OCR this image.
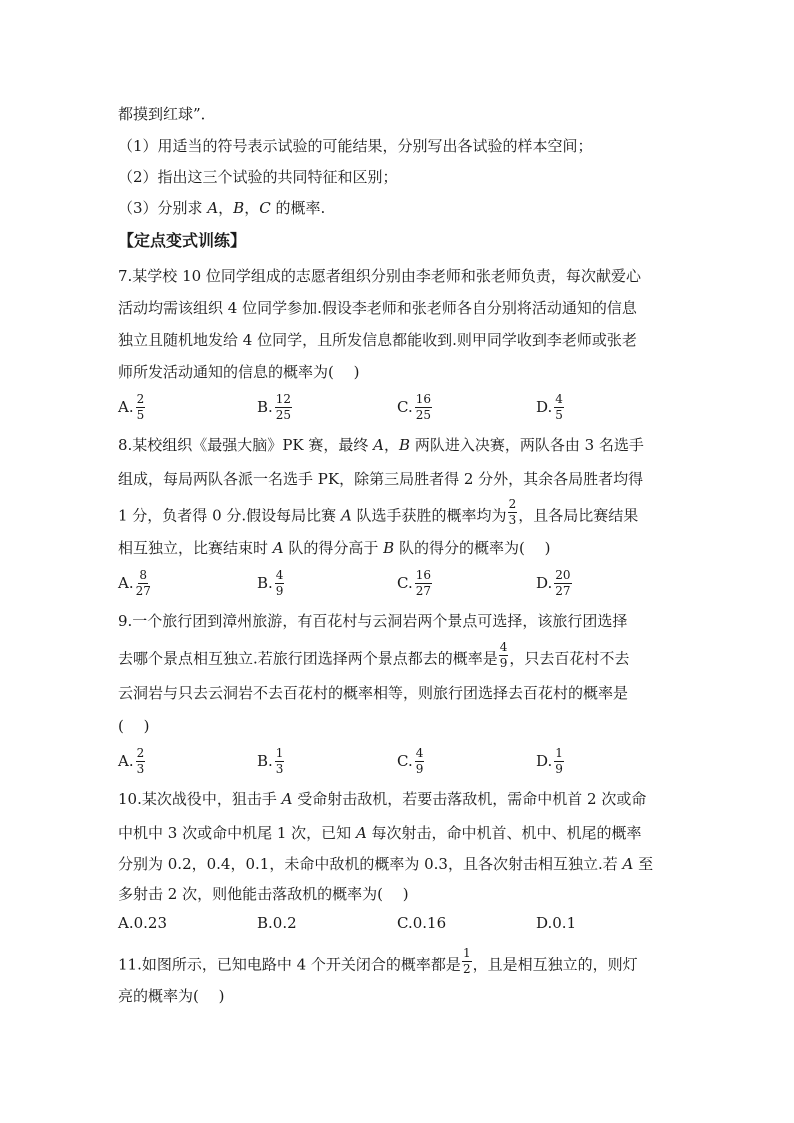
都摸到红球”．
（1）用适当的符号表示试验的可能结果，分别写出各试验的样本空间；
（2）指出这三个试验的共同特征和区别；
（3）分别求 A，B，C 的概率.
【定点变式训练】
7.某学校 10 位同学组成的志愿者组织分别由李老师和张老师负责，每次献爱心
活动均需该组织 4 位同学参加.假设李老师和张老师各自分别将活动通知的信息
独立且随机地发给 4 位同学，且所发信息都能收到.则甲同学收到李老师或张老
师所发活动通知的信息的概率为(　 )
A. $\frac{2}{5}$	B. $\frac{12}{25}$	C. $\frac{16}{25}$	D. $\frac{4}{5}$
8.某校组织《最强大脑》PK 赛，最终 A，B 两队进入决赛，两队各由 3 名选手
组成，每局两队各派一名选手 PK，除第三局胜者得 2 分外，其余各局胜者均得
1 分，负者得 0 分.假设每局比赛 A 队选手获胜的概率均为 $\frac{2}{3}$ ，且各局比赛结果
相互独立，比赛结束时 A 队的得分高于 B 队的得分的概率为(　 )
A. $\frac{8}{27}$	B. $\frac{4}{9}$	C. $\frac{16}{27}$	D. $\frac{20}{27}$
9.一个旅行团到漳州旅游，有百花村与云洞岩两个景点可选择，该旅行团选择
去哪个景点相互独立.若旅行团选择两个景点都去的概率是 $\frac{4}{9}$ ，只去百花村不去
云洞岩与只去云洞岩不去百花村的概率相等，则旅行团选择去百花村的概率是
(　 )
A. $\frac{2}{3}$	B. $\frac{1}{3}$	C. $\frac{4}{9}$	D. $\frac{1}{9}$
10.某次战役中，狙击手 A 受命射击敌机，若要击落敌机，需命中机首 2 次或命
中机中 3 次或命中机尾 1 次，已知 A 每次射击，命中机首、机中、机尾的概率
分别为 0.2，0.4，0.1，未命中敌机的概率为 0.3，且各次射击相互独立.若 A 至
多射击 2 次，则他能击落敌机的概率为(　 )
A.0.23	B.0.2	C.0.16	D.0.1
11.如图所示，已知电路中 4 个开关闭合的概率都是 $\frac{1}{2}$ ，且是相互独立的，则灯
亮的概率为(　 )
